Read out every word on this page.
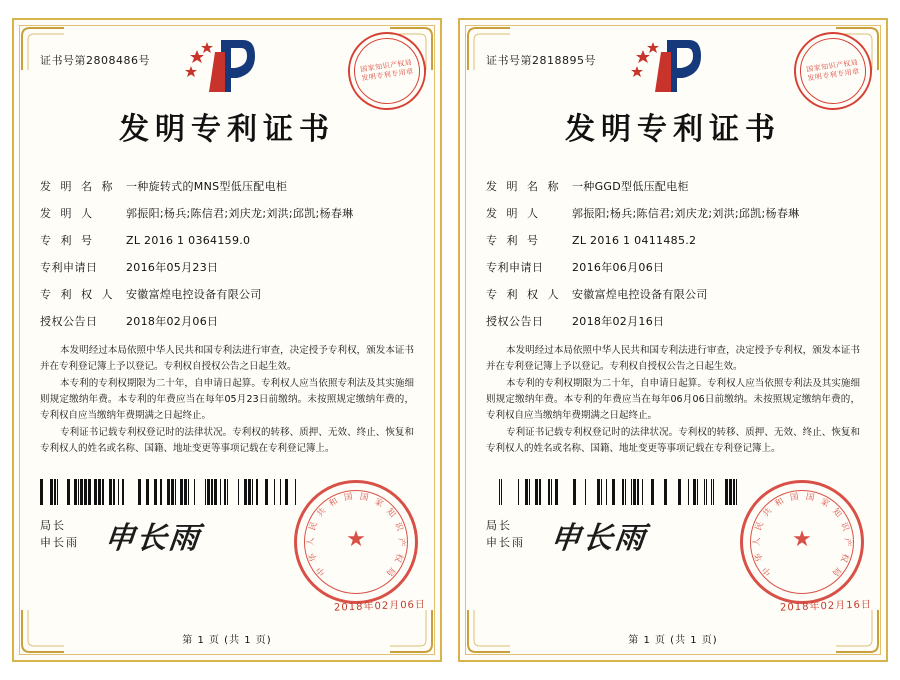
证书号第2808486号	国家知识产权局 发明专利专用章
发明专利证书
发 明 名 称 一种旋转式的MNS型低压配电柜
发 明 人	郭振阳;杨兵;陈信君;刘庆龙;刘洪;邱凯;杨春琳
专 利 号	ZL 2016 1 0364159.0
专利申请日	2016年05月23日
专 利 权 人 安徽富煌电控设备有限公司
授权公告日	2018年02月06日

本发明经过本局依照中华人民共和国专利法进行审查，决定授予专利权，颁发本证书并在专利登记簿上予以登记。专利权自授权公告之日起生效。

本专利的专利权期限为二十年，自申请日起算。专利权人应当依照专利法及其实施细则规定缴纳年费。本专利的年费应当在每年05月23日前缴纳。未按照规定缴纳年费的，专利权自应当缴纳年费期满之日起终止。

专利证书记载专利权登记时的法律状况。专利权的转移、质押、无效、终止、恢复和专利权人的姓名或名称、国籍、地址变更等事项记载在专利登记簿上。

局长
申长雨 申长雨
中
华
人
民
共
和 国 国 家
知
识
产
权
局
★
2018年02月06日
第 1 页 (共 1 页)
证书号第2818895号	国家知识产权局 发明专利专用章
发明专利证书
发 明 名 称 一种GGD型低压配电柜
发 明 人	郭振阳;杨兵;陈信君;刘庆龙;刘洪;邱凯;杨春琳
专 利 号	ZL 2016 1 0411485.2
专利申请日	2016年06月06日
专 利 权 人 安徽富煌电控设备有限公司
授权公告日	2018年02月16日

本发明经过本局依照中华人民共和国专利法进行审查，决定授予专利权，颁发本证书并在专利登记簿上予以登记。专利权自授权公告之日起生效。

本专利的专利权期限为二十年，自申请日起算。专利权人应当依照专利法及其实施细则规定缴纳年费。本专利的年费应当在每年06月06日前缴纳。未按照规定缴纳年费的，专利权自应当缴纳年费期满之日起终止。

专利证书记载专利权登记时的法律状况。专利权的转移、质押、无效、终止、恢复和专利权人的姓名或名称、国籍、地址变更等事项记载在专利登记簿上。

局长
申长雨 申长雨
中
华
人
民
共
和 国 国 家
知
识
产
权
局
★
2018年02月16日
第 1 页 (共 1 页)
